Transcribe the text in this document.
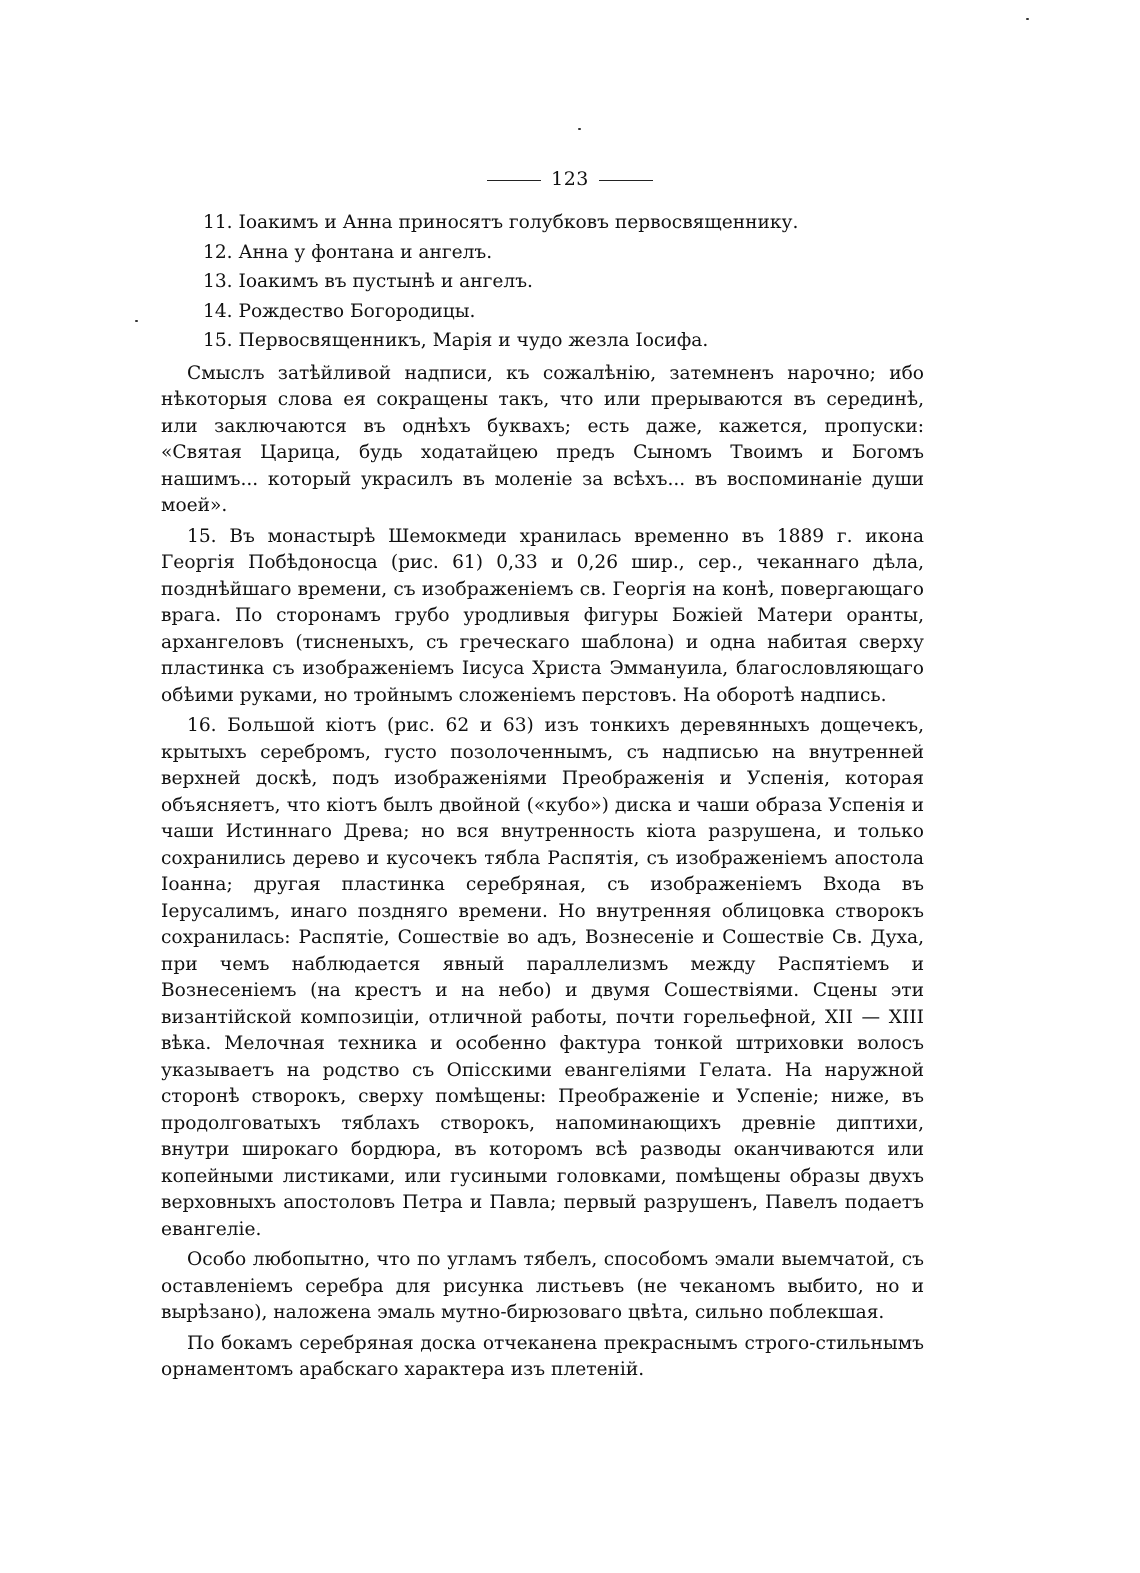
123
11. Іоакимъ и Анна приносятъ голубковъ первосвященнику.
12. Анна у фонтана и ангелъ.
13. Іоакимъ въ пустынѣ и ангелъ.
14. Рождество Богородицы.
15. Первосвященникъ, Марія и чудо жезла Іосифа.

Смыслъ затѣйливой надписи, къ сожалѣнію, затемненъ нарочно; ибо нѣкоторыя слова ея сокращены такъ, что или прерываются въ серединѣ, или заключаются въ однѣхъ буквахъ; есть даже, кажется, пропуски: «Святая Царица, будь ходатайцею предъ Сыномъ Твоимъ и Богомъ нашимъ... который украсилъ въ моленіе за всѣхъ... въ воспоминаніе души моей».

15. Въ монастырѣ Шемокмеди хранилась временно въ 1889 г. икона Георгія Побѣдоносца (рис. 61) 0,33 и 0,26 шир., сер., чеканнаго дѣла, позднѣйшаго времени, съ изображеніемъ св. Георгія на конѣ, повергающаго врага. По сторонамъ грубо уродливыя фигуры Божіей Матери оранты, архангеловъ (тисненыхъ, съ греческаго шаблона) и одна набитая сверху пластинка съ изображеніемъ Іисуса Христа Эммануила, благословляющаго обѣими руками, но тройнымъ сложеніемъ перстовъ. На оборотѣ надпись.

16. Большой кіотъ (рис. 62 и 63) изъ тонкихъ деревянныхъ дощечекъ, крытыхъ серебромъ, густо позолоченнымъ, съ надписью на внутренней верхней доскѣ, подъ изображеніями Преображенія и Успенія, которая объясняетъ, что кіотъ былъ двойной («кубо») диска и чаши образа Успенія и чаши Истиннаго Древа; но вся внутренность кіота разрушена, и только сохранились дерево и кусочекъ тябла Распятія, съ изображеніемъ апостола Іоанна; другая пластинка серебряная, съ изображеніемъ Входа въ Іерусалимъ, инаго поздняго времени. Но внутренняя облицовка створокъ сохранилась: Распятіе, Сошествіе во адъ, Вознесеніе и Сошествіе Св. Духа, при чемъ наблюдается явный параллелизмъ между Распятіемъ и Вознесеніемъ (на крестъ и на небо) и двумя Сошествіями. Сцены эти византійской композиціи, отличной работы, почти горельефной, XII — XIII вѣка. Мелочная техника и особенно фактура тонкой штриховки волосъ указываетъ на родство съ Опісскими евангеліями Гелата. На наружной сторонѣ створокъ, сверху помѣщены: Преображеніе и Успеніе; ниже, въ продолговатыхъ тяблахъ створокъ, напоминающихъ древніе диптихи, внутри широкаго бордюра, въ которомъ всѣ разводы оканчиваются или копейными листиками, или гусиными головками, помѣщены образы двухъ верховныхъ апостоловъ Петра и Павла; первый разрушенъ, Павелъ подаетъ евангеліе.

Особо любопытно, что по угламъ тябелъ, способомъ эмали выемчатой, съ оставленіемъ серебра для рисунка листьевъ (не чеканомъ выбито, но и вырѣзано), наложена эмаль мутно-бирюзоваго цвѣта, сильно поблекшая.

По бокамъ серебряная доска отчеканена прекраснымъ строго-стильнымъ орнаментомъ арабскаго характера изъ плетеній.
